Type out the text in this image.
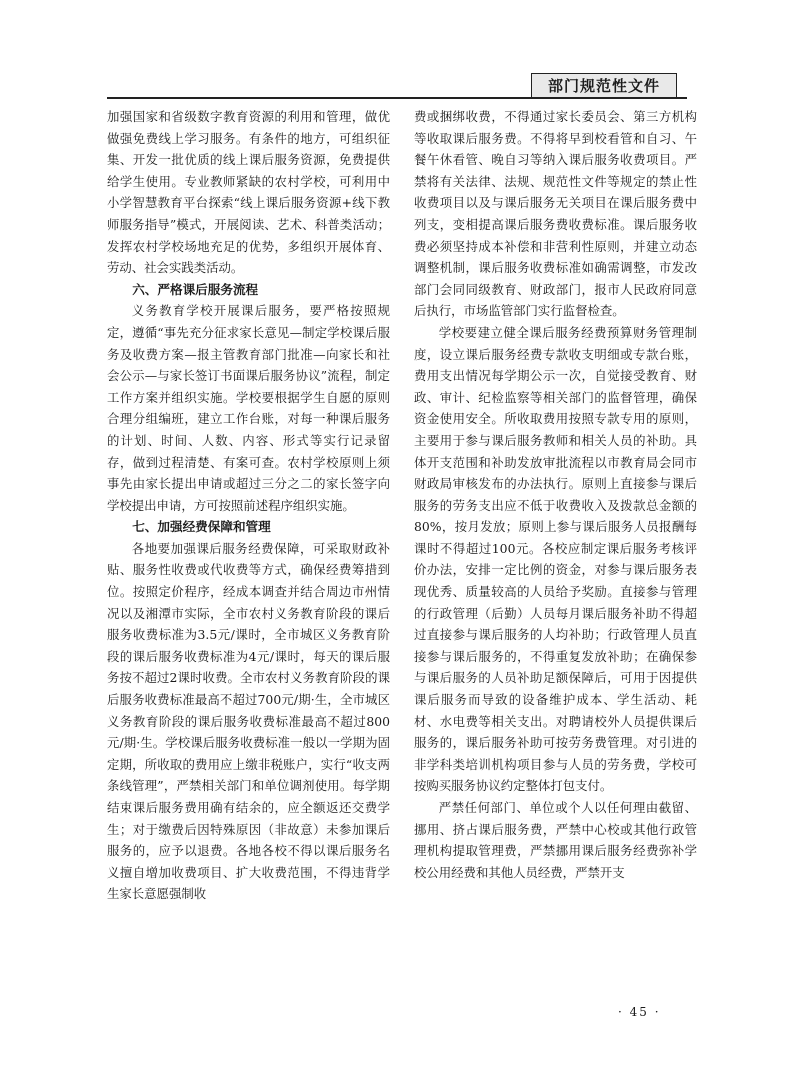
部门规范性文件

加强国家和省级数字教育资源的利用和管理，做优做强免费线上学习服务。有条件的地方，可组织征集、开发一批优质的线上课后服务资源，免费提供给学生使用。专业教师紧缺的农村学校，可利用中小学智慧教育平台探索“线上课后服务资源+线下教师服务指导”模式，开展阅读、艺术、科普类活动；发挥农村学校场地充足的优势，多组织开展体育、劳动、社会实践类活动。

六、严格课后服务流程

义务教育学校开展课后服务，要严格按照规定，遵循“事先充分征求家长意见—制定学校课后服务及收费方案—报主管教育部门批准—向家长和社会公示—与家长签订书面课后服务协议”流程，制定工作方案并组织实施。学校要根据学生自愿的原则合理分组编班，建立工作台账，对每一种课后服务的计划、时间、人数、内容、形式等实行记录留存，做到过程清楚、有案可查。农村学校原则上须事先由家长提出申请或超过三分之二的家长签字向学校提出申请，方可按照前述程序组织实施。

七、加强经费保障和管理

各地要加强课后服务经费保障，可采取财政补贴、服务性收费或代收费等方式，确保经费筹措到位。按照定价程序，经成本调查并结合周边市州情况以及湘潭市实际，全市农村义务教育阶段的课后服务收费标准为3.5元/课时，全市城区义务教育阶段的课后服务收费标准为4元/课时，每天的课后服务按不超过2课时收费。全市农村义务教育阶段的课后服务收费标准最高不超过700元/期·生，全市城区义务教育阶段的课后服务收费标准最高不超过800元/期·生。学校课后服务收费标准一般以一学期为固定期，所收取的费用应上缴非税账户，实行“收支两条线管理”，严禁相关部门和单位调剂使用。每学期结束课后服务费用确有结余的，应全额返还交费学生；对于缴费后因特殊原因（非故意）未参加课后服务的，应予以退费。各地各校不得以课后服务名义擅自增加收费项目、扩大收费范围，不得违背学生家长意愿强制收

费或捆绑收费，不得通过家长委员会、第三方机构等收取课后服务费。不得将早到校看管和自习、午餐午休看管、晚自习等纳入课后服务收费项目。严禁将有关法律、法规、规范性文件等规定的禁止性收费项目以及与课后服务无关项目在课后服务费中列支，变相提高课后服务费收费标准。课后服务收费必须坚持成本补偿和非营利性原则，并建立动态调整机制，课后服务收费标准如确需调整，市发改部门会同同级教育、财政部门，报市人民政府同意后执行，市场监管部门实行监督检查。

学校要建立健全课后服务经费预算财务管理制度，设立课后服务经费专款收支明细或专款台账，费用支出情况每学期公示一次，自觉接受教育、财政、审计、纪检监察等相关部门的监督管理，确保资金使用安全。所收取费用按照专款专用的原则，主要用于参与课后服务教师和相关人员的补助。具体开支范围和补助发放审批流程以市教育局会同市财政局审核发布的办法执行。原则上直接参与课后服务的劳务支出应不低于收费收入及拨款总金额的80%，按月发放；原则上参与课后服务人员报酬每课时不得超过100元。各校应制定课后服务考核评价办法，安排一定比例的资金，对参与课后服务表现优秀、质量较高的人员给予奖励。直接参与管理的行政管理（后勤）人员每月课后服务补助不得超过直接参与课后服务的人均补助；行政管理人员直接参与课后服务的，不得重复发放补助；在确保参与课后服务的人员补助足额保障后，可用于因提供课后服务而导致的设备维护成本、学生活动、耗材、水电费等相关支出。对聘请校外人员提供课后服务的，课后服务补助可按劳务费管理。对引进的非学科类培训机构项目参与人员的劳务费，学校可按购买服务协议约定整体打包支付。

严禁任何部门、单位或个人以任何理由截留、挪用、挤占课后服务费，严禁中心校或其他行政管理机构提取管理费，严禁挪用课后服务经费弥补学校公用经费和其他人员经费，严禁开支

· 45 ·
